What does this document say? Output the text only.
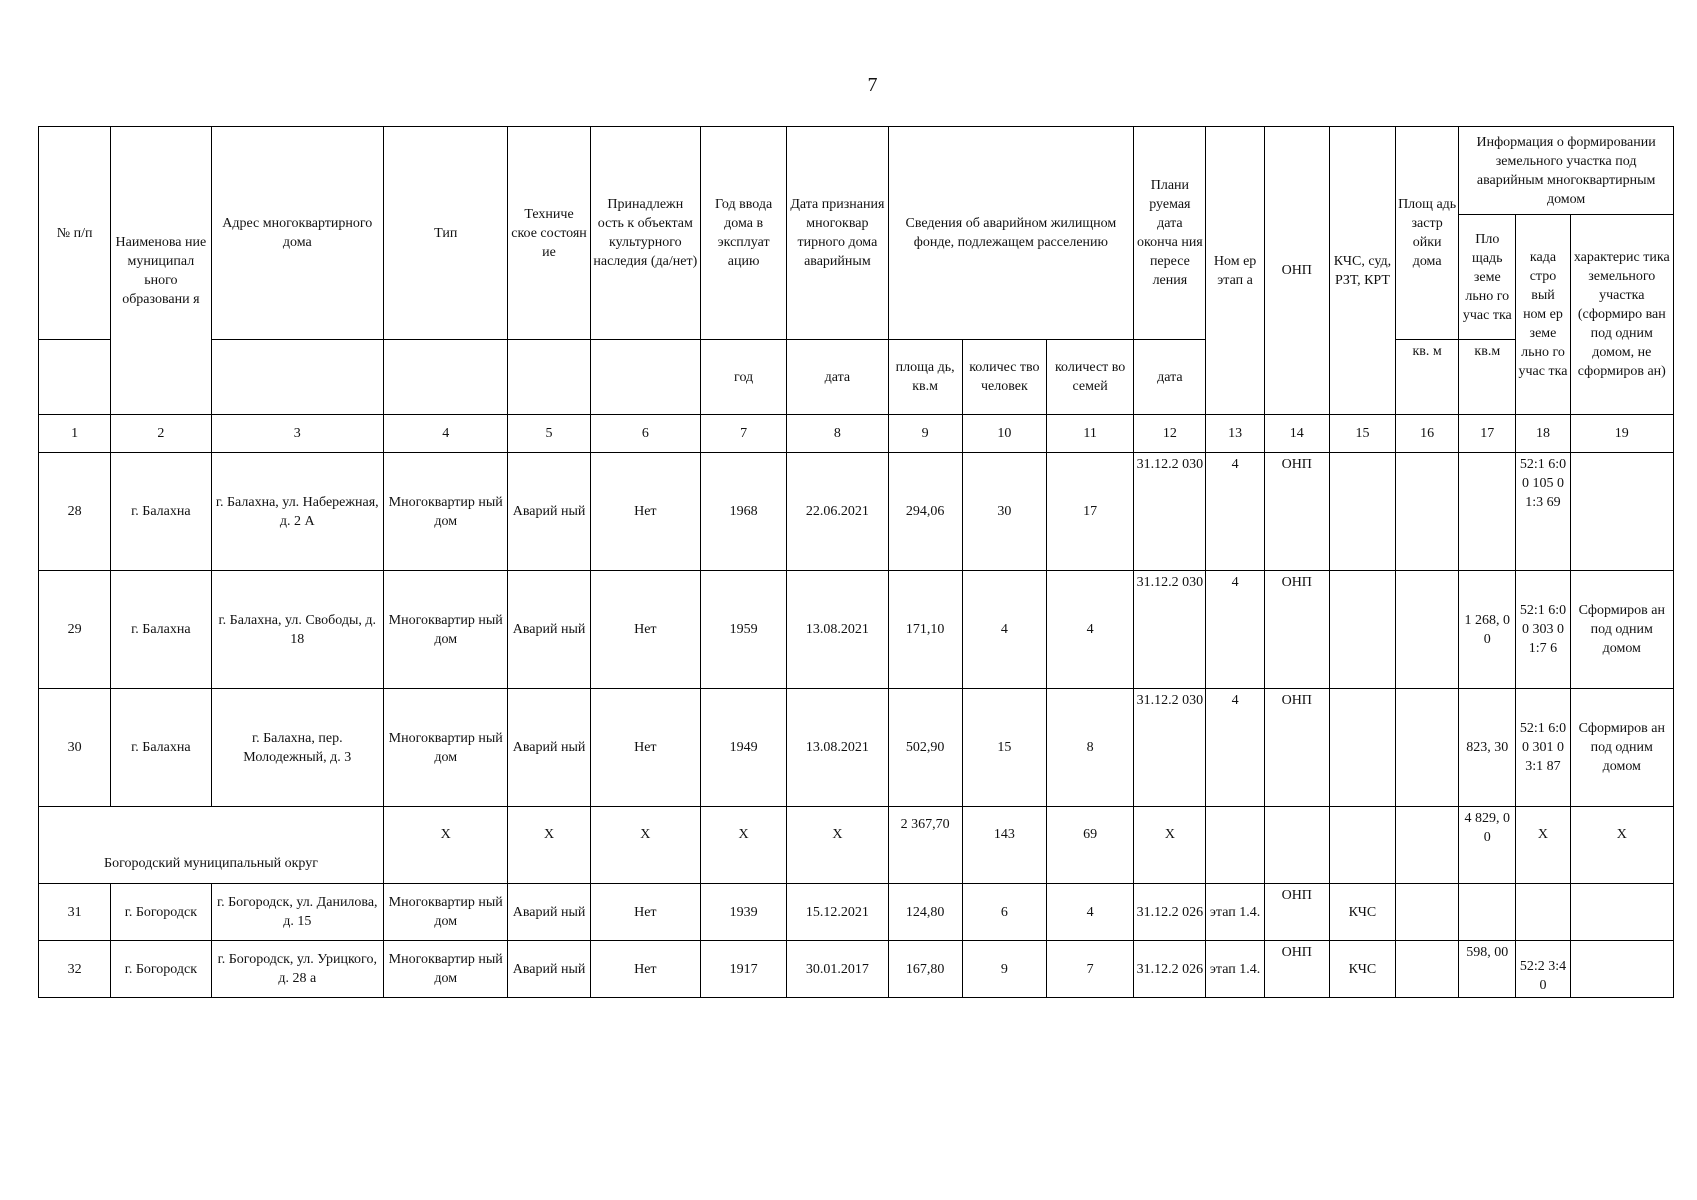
7
№ п/п	Наименова ние муниципал ьного образовани я	Адрес многоквартирного дома	Тип	Техниче ское состоян ие	Принадлежн ость к объектам культурного наследия (да/нет)	Год ввода дома в эксплуат ацию	Дата признания многоквар тирного дома аварийным	Сведения об аварийном жилищном фонде, подлежащем расселению			Плани руемая дата оконча ния пересе ления	Ном ер этап а	ОНП	КЧС, суд, РЗТ, КРТ	Площ адь застр ойки дома	Информация о формировании земельного участка под аварийным многоквартирным домом		
																Пло щадь земе льно го учас тка	када стро вый ном ер земе льно го учас тка	характерис тика земельного участка (сформиро ван под одним домом, не сформиров ан)
						год	дата	площа дь, кв.м	количес тво человек	количест во семей	дата				кв. м	кв.м		
1	2	3	4	5	6	7	8	9	10	11	12	13	14	15	16	17	18	19
28	г. Балахна	г. Балахна, ул. Набережная, д. 2 А	Многоквартир ный дом	Аварий ный	Нет	1968	22.06.2021	294,06	30	17	31.12.2 030	4	ОНП				52:1 6:00 105 01:3 69	
29	г. Балахна	г. Балахна, ул. Свободы, д. 18	Многоквартир ный дом	Аварий ный	Нет	1959	13.08.2021	171,10	4	4	31.12.2 030	4	ОНП			1 268, 00	52:1 6:00 303 01:7 6	Сформиров ан под одним домом
30	г. Балахна	г. Балахна, пер. Молодежный, д. 3	Многоквартир ный дом	Аварий ный	Нет	1949	13.08.2021	502,90	15	8	31.12.2 030	4	ОНП			823, 30	52:1 6:00 301 03:1 87	Сформиров ан под одним домом
Богородский муниципальный округ			Х	Х	Х	Х	Х	2 367,70	143	69	Х					4 829, 00	Х	Х
31	г. Богородск	г. Богородск, ул. Данилова, д. 15	Многоквартир ный дом	Аварий ный	Нет	1939	15.12.2021	124,80	6	4	31.12.2 026	этап 1.4.	ОНП	КЧС				
32	г. Богородск	г. Богородск, ул. Урицкого, д. 28 а	Многоквартир ный дом	Аварий ный	Нет	1917	30.01.2017	167,80	9	7	31.12.2 026	этап 1.4.	ОНП	КЧС		598, 00	52:2 3:40	
